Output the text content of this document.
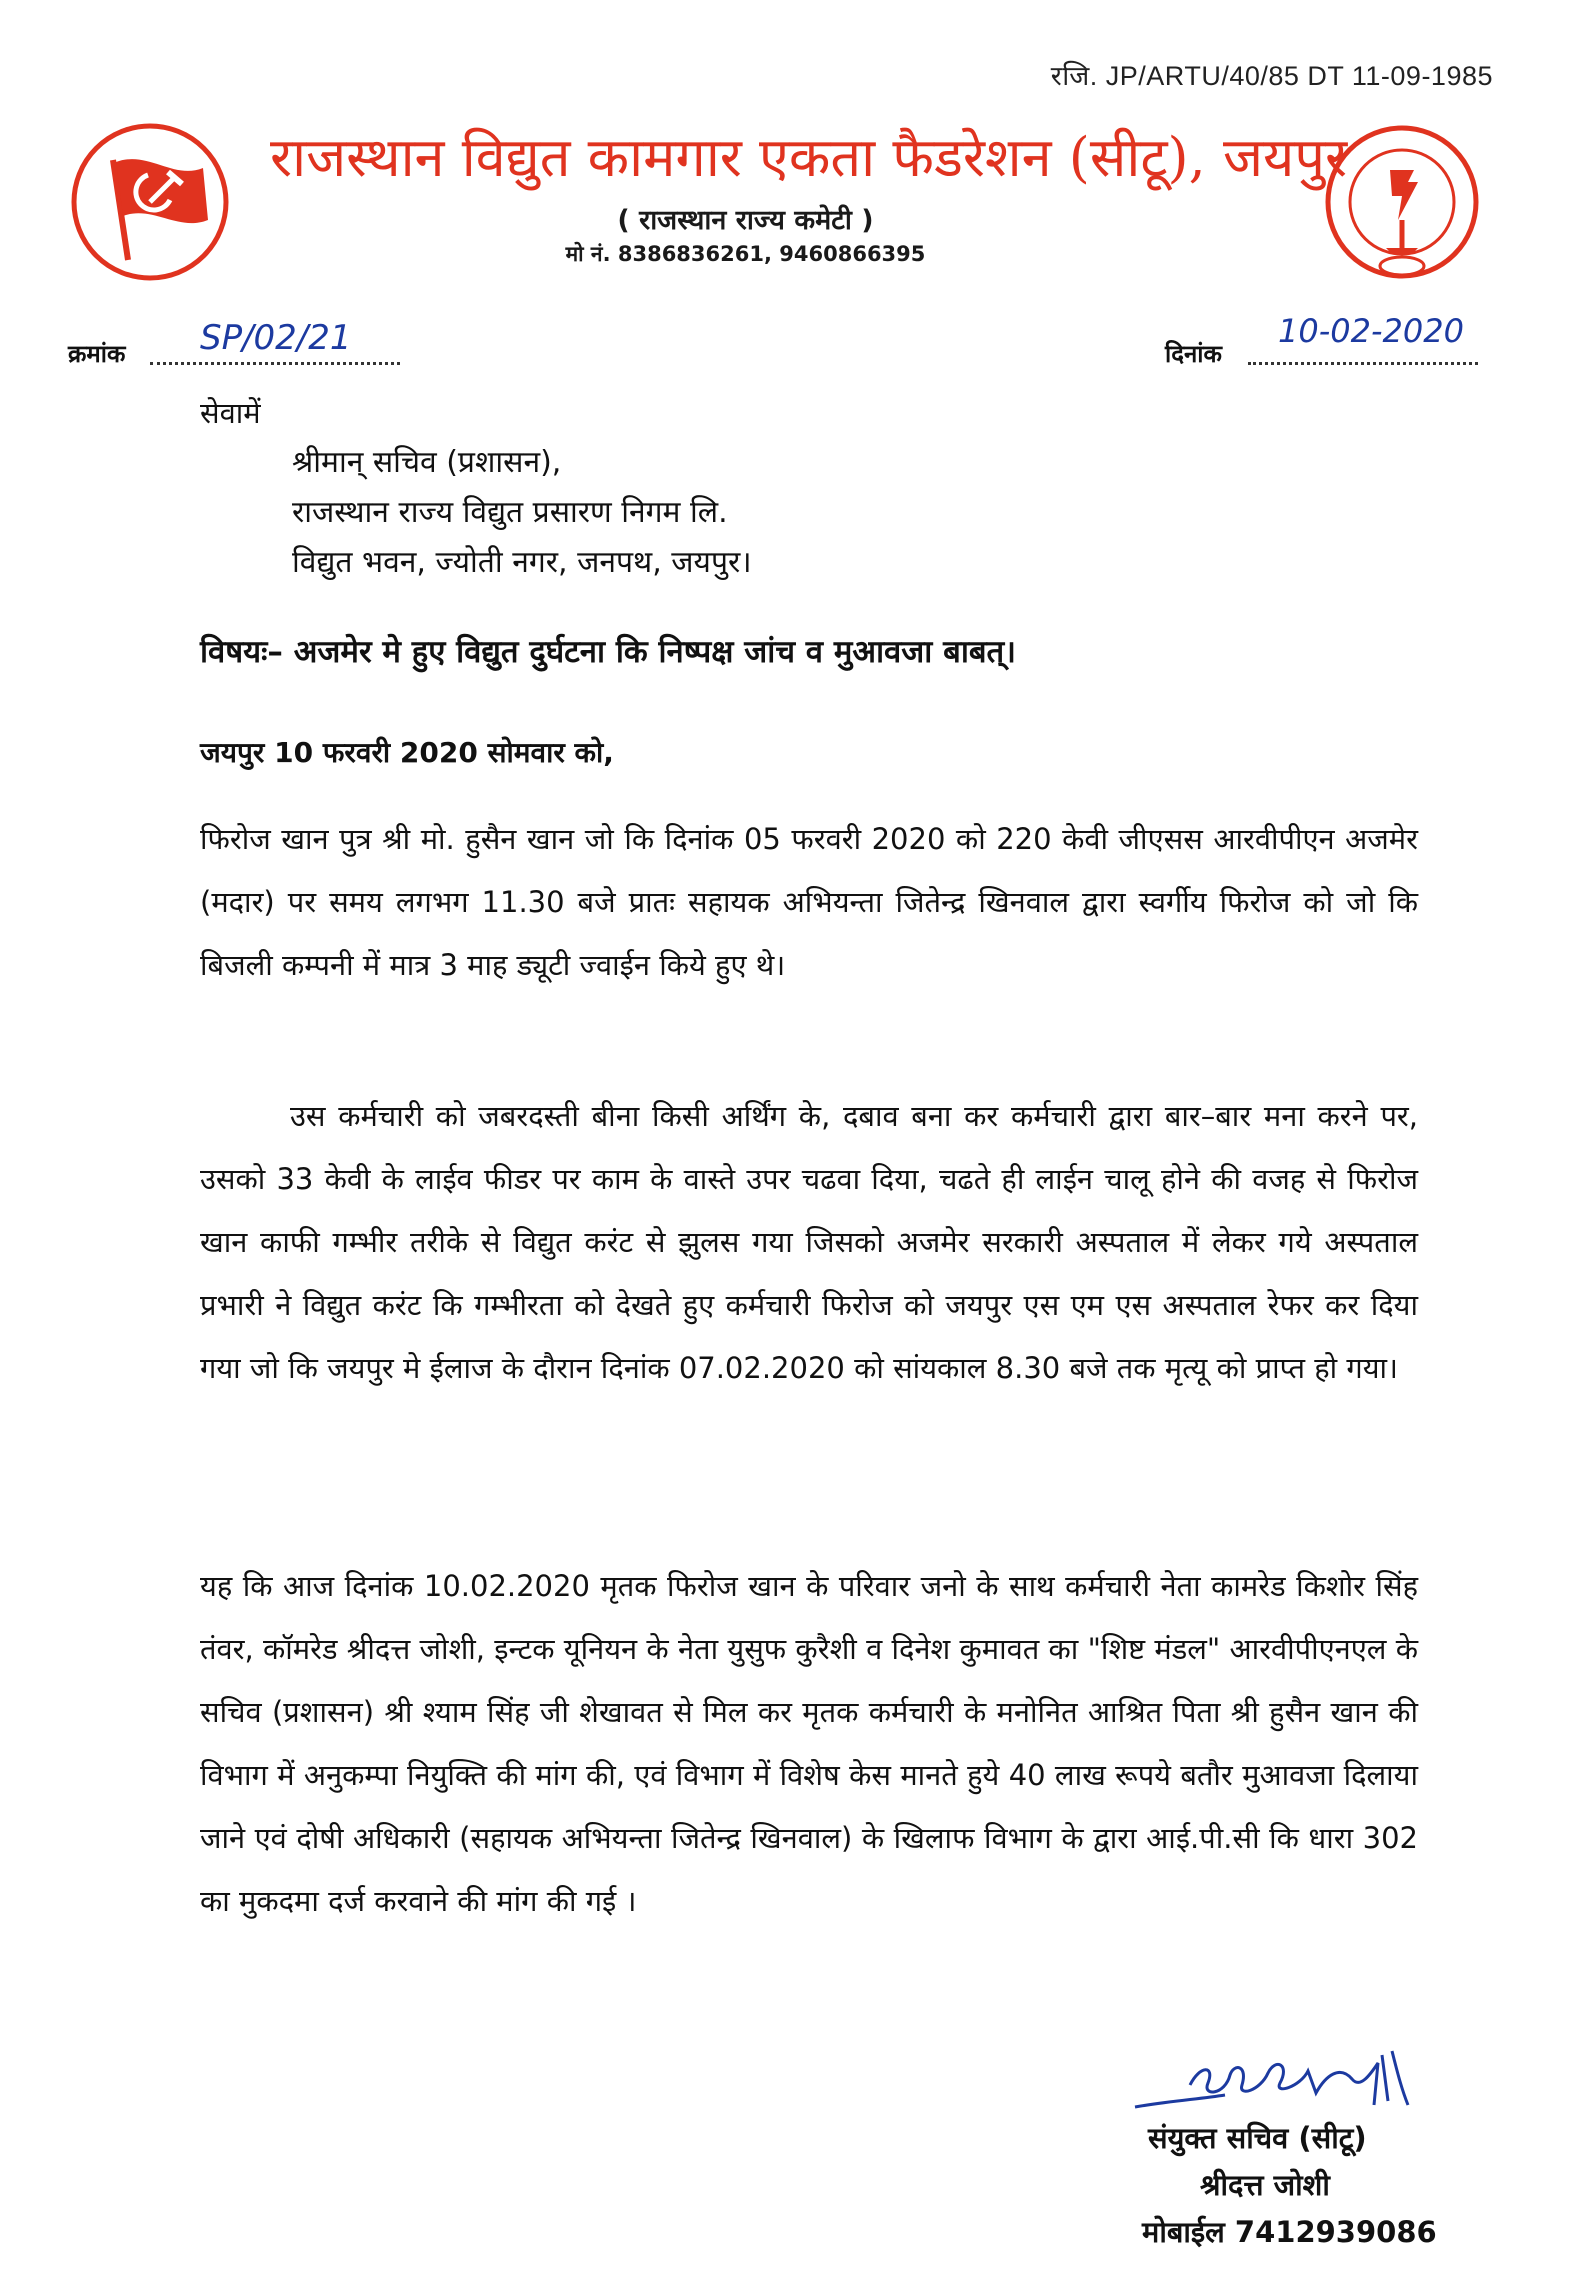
रजि. JP/ARTU/40/85 DT 11-09-1985
CITU
राजस्थान विद्युत कामगार एकता फैडरेशन (सीटू), जयपुर
( राजस्थान राज्य कमेटी )
मो नं. 8386836261, 9460866395
क्रमांक SP/02/21	दिनांक
10-02-2020
सेवामें
श्रीमान् सचिव (प्रशासन),
राजस्थान राज्य विद्युत प्रसारण निगम लि.
विद्युत भवन, ज्योती नगर, जनपथ, जयपुर।
विषयः– अजमेर मे हुए विद्युत दुर्घटना कि निष्पक्ष जांच व मुआवजा बाबत्।
जयपुर 10 फरवरी 2020 सोमवार को,

फिरोज खान पुत्र श्री मो. हुसैन खान जो कि दिनांक 05 फरवरी 2020 को 220 केवी जीएसस आरवीपीएन अजमेर (मदार) पर समय लगभग 11.30 बजे प्रातः सहायक अभियन्ता जितेन्द्र खिनवाल द्वारा स्वर्गीय फिरोज को जो कि बिजली कम्पनी में मात्र 3 माह ड्यूटी ज्वाईन किये हुए थे।

उस कर्मचारी को जबरदस्ती बीना किसी अर्थिंग के, दबाव बना कर कर्मचारी द्वारा बार–बार मना करने पर, उसको 33 केवी के लाईव फीडर पर काम के वास्ते उपर चढवा दिया, चढते ही लाईन चालू होने की वजह से फिरोज खान काफी गम्भीर तरीके से विद्युत करंट से झुलस गया जिसको अजमेर सरकारी अस्पताल में लेकर गये अस्पताल प्रभारी ने विद्युत करंट कि गम्भीरता को देखते हुए कर्मचारी फिरोज को जयपुर एस एम एस अस्पताल रेफर कर दिया गया जो कि जयपुर मे ईलाज के दौरान दिनांक 07.02.2020 को सांयकाल 8.30 बजे तक मृत्यू को प्राप्त हो गया।

यह कि आज दिनांक 10.02.2020 मृतक फिरोज खान के परिवार जनो के साथ कर्मचारी नेता कामरेड किशोर सिंह तंवर, कॉमरेड श्रीदत्त जोशी, इन्टक यूनियन के नेता युसुफ कुरैशी व दिनेश कुमावत का "शिष्ट मंडल" आरवीपीएनएल के सचिव (प्रशासन) श्री श्याम सिंह जी शेखावत से मिल कर मृतक कर्मचारी के मनोनित आश्रित पिता श्री हुसैन खान की विभाग में अनुकम्पा नियुक्ति की मांग की, एवं विभाग में विशेष केस मानते हुये 40 लाख रूपये बतौर मुआवजा दिलाया जाने एवं दोषी अधिकारी (सहायक अभियन्ता जितेन्द्र खिनवाल) के खिलाफ विभाग के द्वारा आई.पी.सी कि धारा 302 का मुकदमा दर्ज करवाने की मांग की गई ।

संयुक्त सचिव (सीटू)
श्रीदत्त जोशी
मोबाईल 7412939086
